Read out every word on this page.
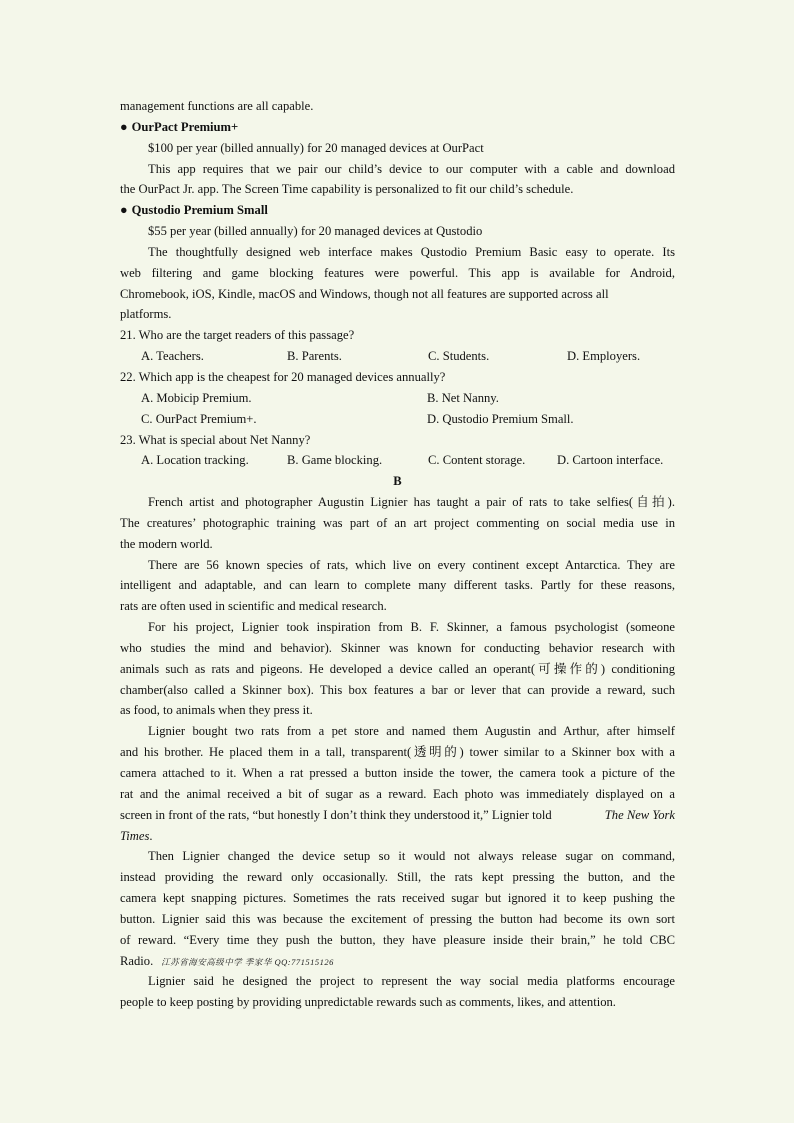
management functions are all capable.
● OurPact Premium+
$100 per year (billed annually) for 20 managed devices at OurPact
This app requires that we pair our child’s device to our computer with a cable and download
the OurPact Jr. app. The Screen Time capability is personalized to fit our child’s schedule.
● Qustodio Premium Small
$55 per year (billed annually) for 20 managed devices at Qustodio
The thoughtfully designed web interface makes Qustodio Premium Basic easy to operate. Its
web filtering and game blocking features were powerful. This app is available for Android,
Chromebook, iOS, Kindle, macOS and Windows, though not all features are supported across all
platforms.
21. Who are the target readers of this passage?
A. Teachers.	B. Parents.	C. Students.	D. Employers.
22. Which app is the cheapest for 20 managed devices annually?
A. Mobicip Premium.	B. Net Nanny.
C. OurPact Premium+.	D. Qustodio Premium Small.
23. What is special about Net Nanny?
A. Location tracking.	B. Game blocking.	C. Content storage.	D. Cartoon interface.
B
French artist and photographer Augustin Lignier has taught a pair of rats to take selfies(自拍).
The creatures’ photographic training was part of an art project commenting on social media use in
the modern world.
There are 56 known species of rats, which live on every continent except Antarctica. They are
intelligent and adaptable, and can learn to complete many different tasks. Partly for these reasons,
rats are often used in scientific and medical research.
For his project, Lignier took inspiration from B. F. Skinner, a famous psychologist (someone
who studies the mind and behavior). Skinner was known for conducting behavior research with
animals such as rats and pigeons. He developed a device called an operant(可操作的) conditioning
chamber(also called a Skinner box). This box features a bar or lever that can provide a reward, such
as food, to animals when they press it.
Lignier bought two rats from a pet store and named them Augustin and Arthur, after himself
and his brother. He placed them in a tall, transparent(透明的) tower similar to a Skinner box with a
camera attached to it. When a rat pressed a button inside the tower, the camera took a picture of the
rat and the animal received a bit of sugar as a reward. Each photo was immediately displayed on a
screen in front of the rats, “but honestly I don’t think they understood it,” Lignier told	The New York
Times.
Then Lignier changed the device setup so it would not always release sugar on command,
instead providing the reward only occasionally. Still, the rats kept pressing the button, and the
camera kept snapping pictures. Sometimes the rats received sugar but ignored it to keep pushing the
button. Lignier said this was because the excitement of pressing the button had become its own sort
of reward. “Every time they push the button, they have pleasure inside their brain,” he told CBC
Radio. 江苏省海安高级中学 季家华 QQ:771515126
Lignier said he designed the project to represent the way social media platforms encourage
people to keep posting by providing unpredictable rewards such as comments, likes, and attention.
